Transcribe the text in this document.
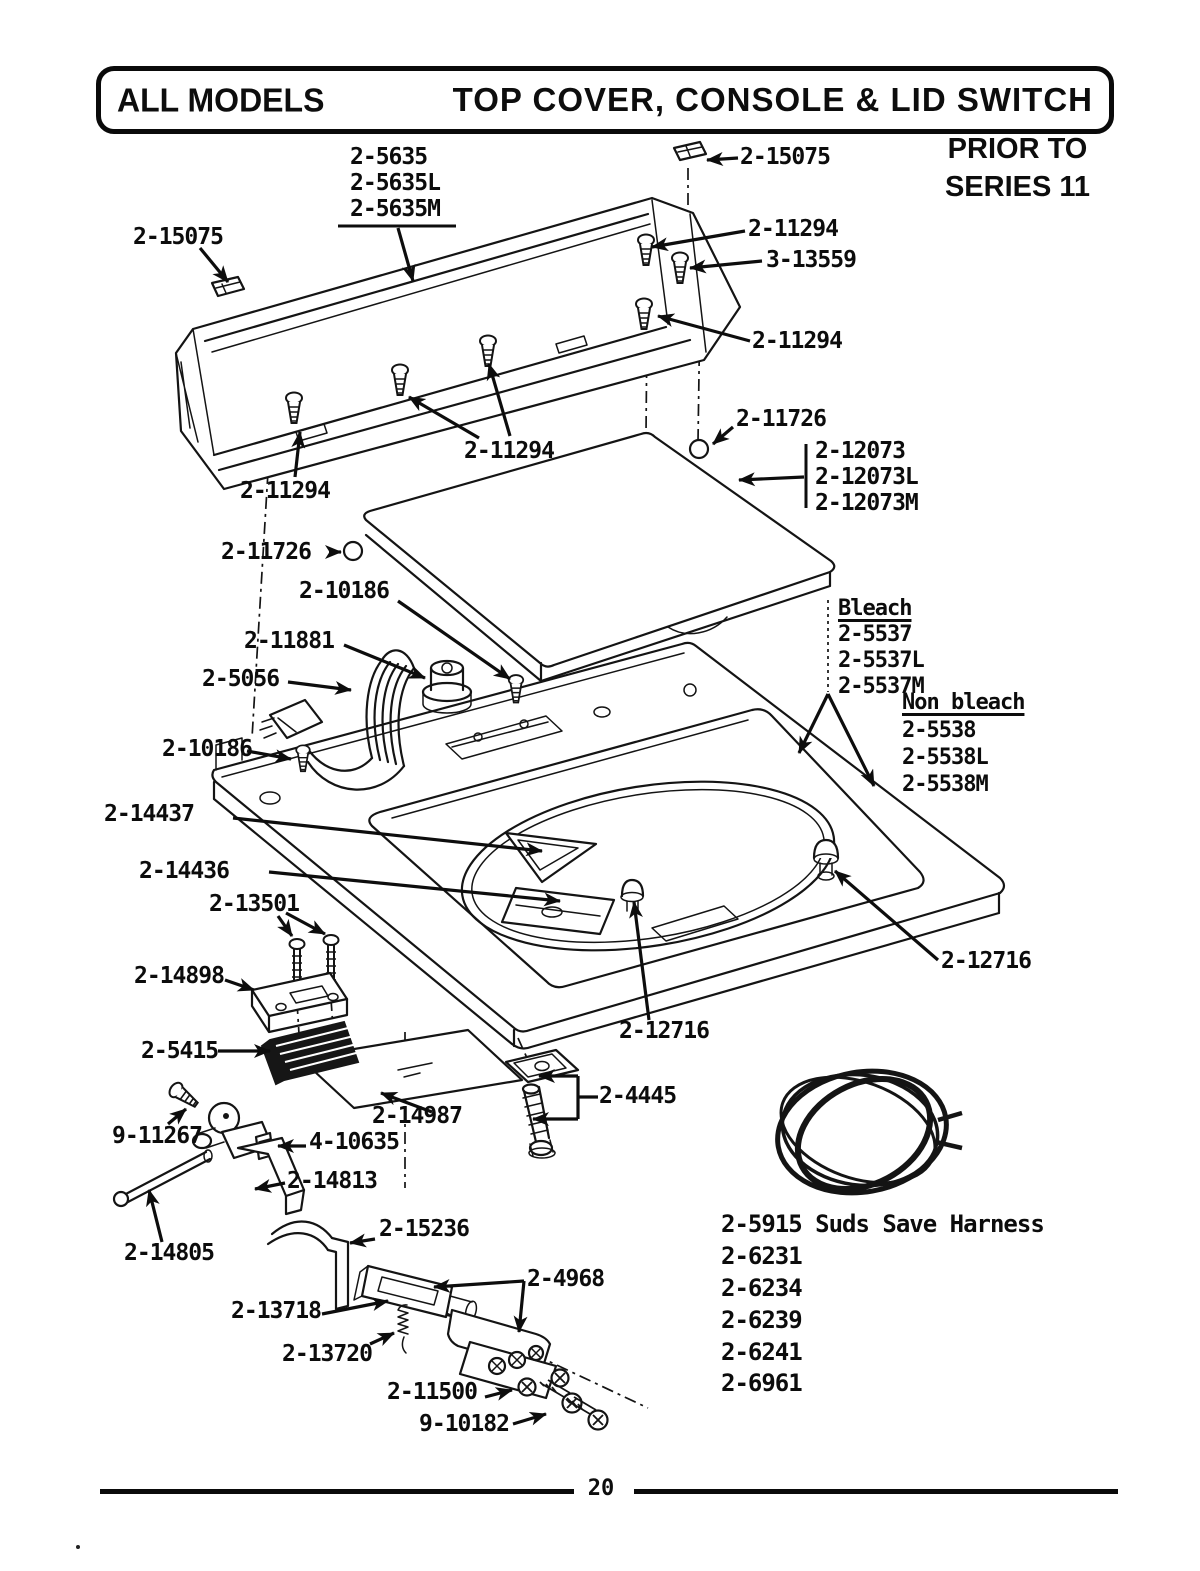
ALL MODELS	TOP COVER, CONSOLE & LID SWITCH
PRIOR TO
SERIES 11
2-5635
2-5635L
2-5635M
2-15075
2-11294
3-13559
2-15075
2-11294
2-11294
2-11294
2-11726
2-12073
2-12073L
2-12073M
2-11726
2-10186
2-11881
2-5056
2-10186
Bleach
2-5537
2-5537L
2-5537M
Non bleach
2-5538
2-5538L
2-5538M
2-14437
2-14436
2-13501
2-14898
2-5415
2-14987
9-11267	4-10635
2-14813
2-15236
2-14805
2-13718
2-13720
2-4968
2-11500
9-10182
2-12716
2-12716
2-4445
2-5915 Suds Save Harness
2-6231
2-6234
2-6239
2-6241
2-6961
20
